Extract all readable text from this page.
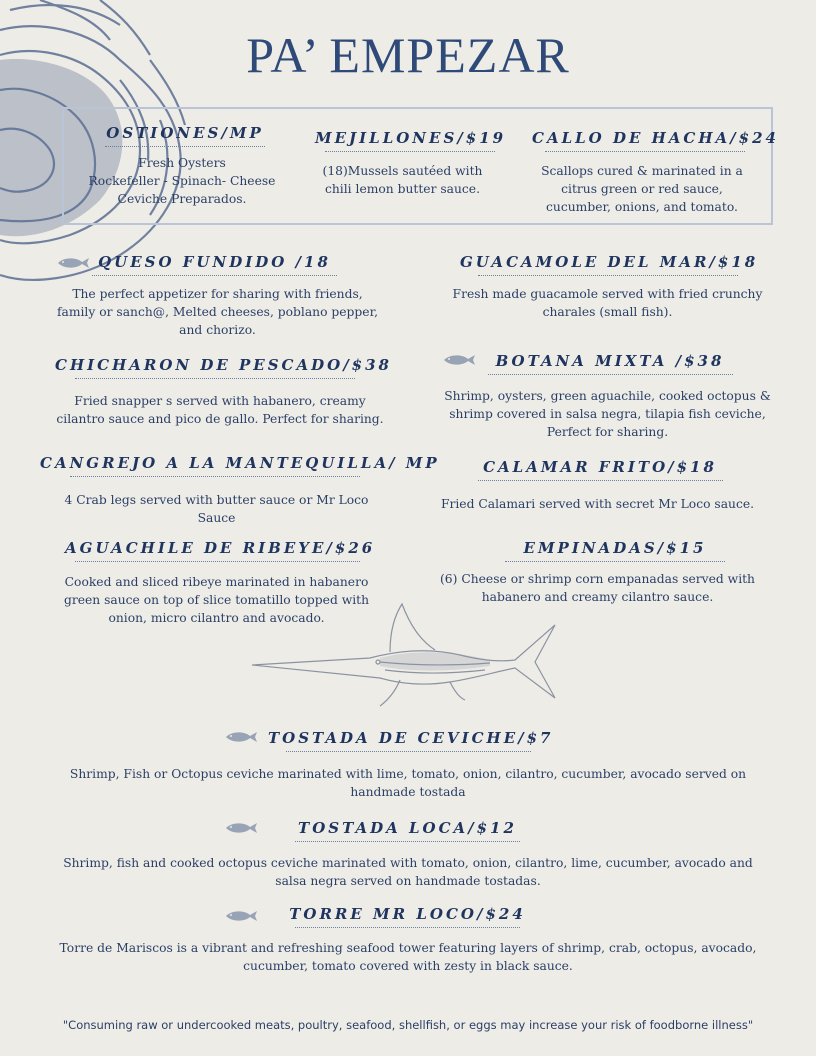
PA’ EMPEZAR
OSTIONES/MP
Fresh Oysters
Rockefeller - Spinach- Cheese
Ceviche Preparados.
MEJILLONES/$19
(18)Mussels sautéed with
chili lemon butter sauce.
CALLO DE HACHA/$24
Scallops cured & marinated in a
citrus green or red sauce,
cucumber, onions, and tomato.
QUESO FUNDIDO /18
The perfect appetizer for sharing with friends,
family or sanch@, Melted cheeses, poblano pepper,
and chorizo.
CHICHARON DE PESCADO/$38
Fried snapper s served with habanero, creamy
cilantro sauce and pico de gallo. Perfect for sharing.
CANGREJO A LA MANTEQUILLA/ MP
4 Crab legs served with butter sauce or Mr Loco
Sauce
AGUACHILE DE RIBEYE/$26
Cooked and sliced ribeye marinated in habanero
green sauce on top of slice tomatillo topped with
onion, micro cilantro and avocado.
GUACAMOLE DEL MAR/$18
Fresh made guacamole served with fried crunchy
charales (small fish).
BOTANA MIXTA /$38
Shrimp, oysters, green aguachile, cooked octopus &
shrimp covered in salsa negra, tilapia fish ceviche,
Perfect for sharing.
CALAMAR FRITO/$18
Fried Calamari served with secret Mr Loco sauce.
EMPINADAS/$15
(6) Cheese or shrimp corn empanadas served with
habanero and creamy cilantro sauce.
TOSTADA DE CEVICHE/$7
Shrimp, Fish or Octopus ceviche marinated with lime, tomato, onion, cilantro, cucumber, avocado served on
handmade tostada
TOSTADA LOCA/$12
Shrimp, fish and cooked octopus ceviche marinated with tomato, onion, cilantro, lime, cucumber, avocado and
salsa negra served on handmade tostadas.
TORRE MR LOCO/$24
Torre de Mariscos is a vibrant and refreshing seafood tower featuring layers of shrimp, crab, octopus, avocado,
cucumber, tomato covered with zesty in black sauce.
"Consuming raw or undercooked meats, poultry, seafood, shellfish, or eggs may increase your risk of foodborne illness"
